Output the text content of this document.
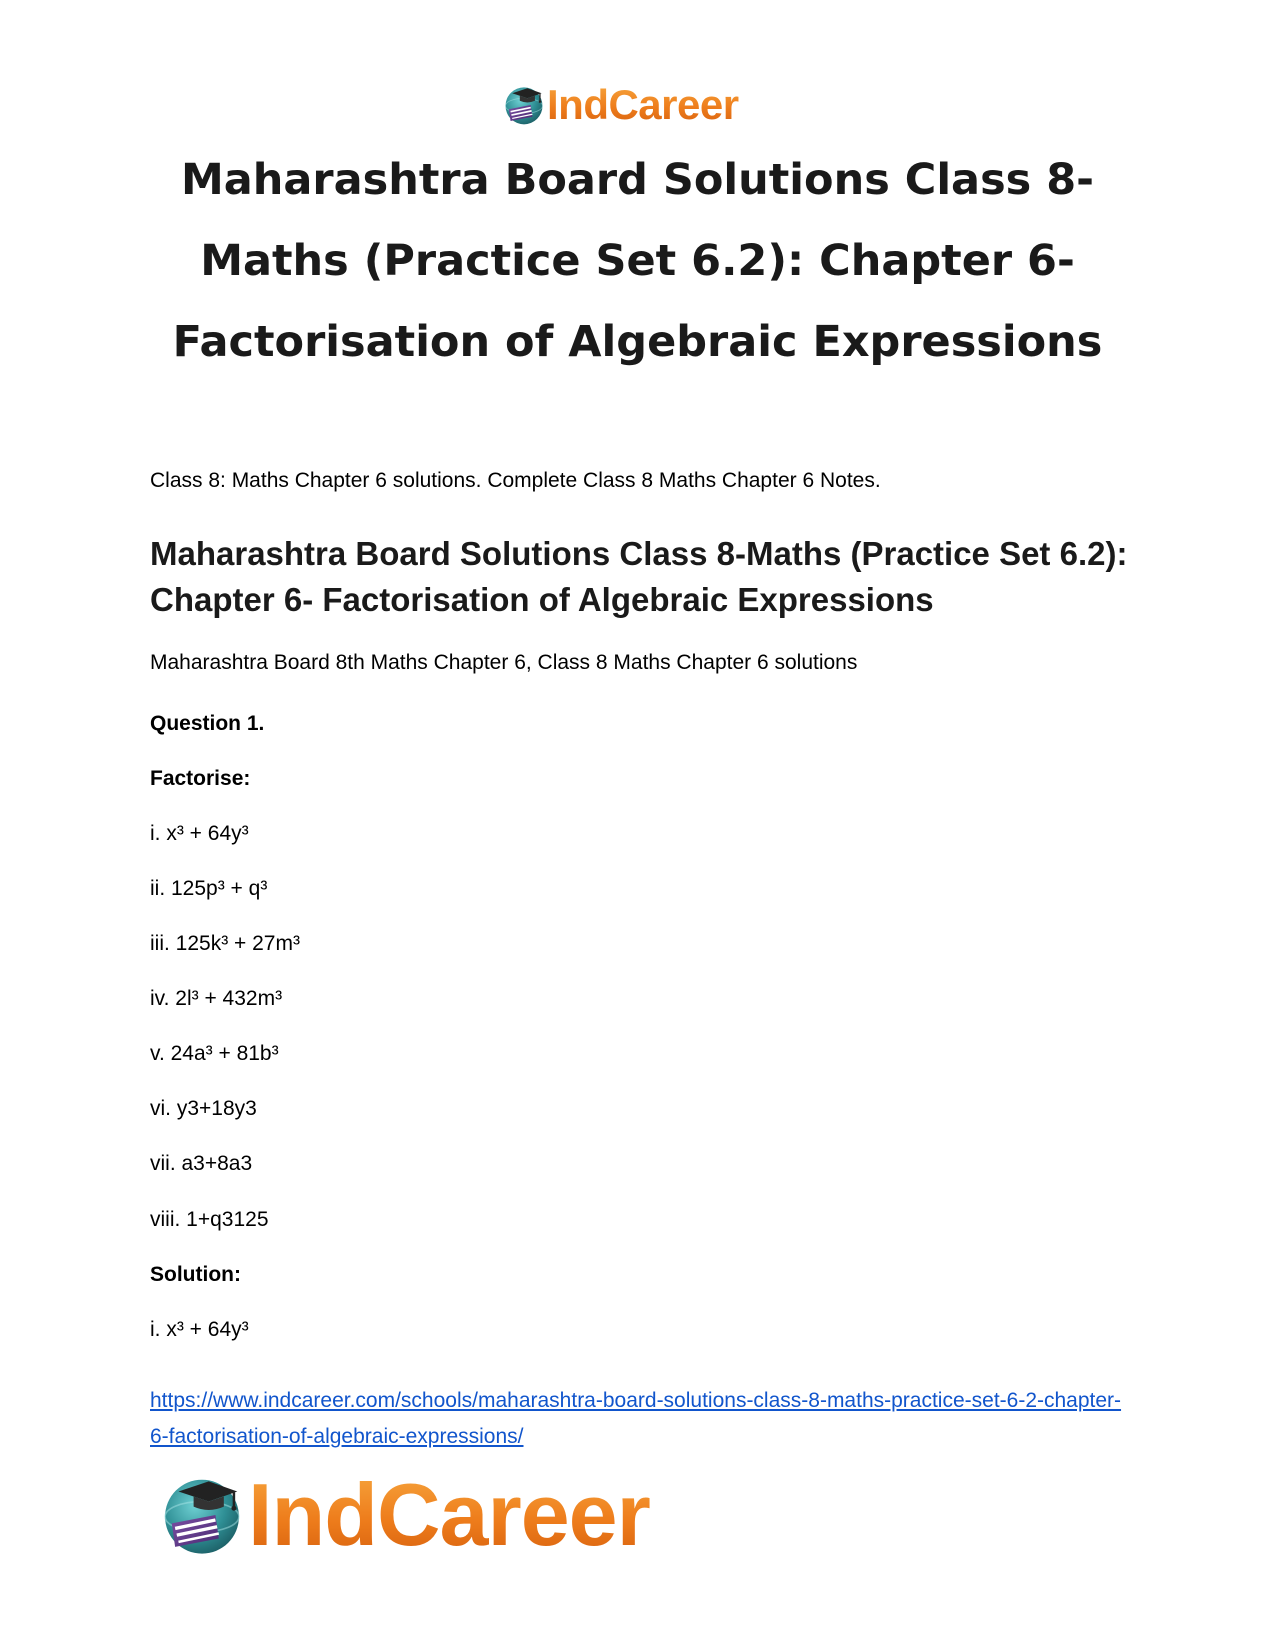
IndCareer
Maharashtra Board Solutions Class 8-Maths (Practice Set 6.2): Chapter 6- Factorisation of Algebraic Expressions

Class 8: Maths Chapter 6 solutions. Complete Class 8 Maths Chapter 6 Notes.

Maharashtra Board Solutions Class 8-Maths (Practice Set 6.2): Chapter 6- Factorisation of Algebraic Expressions

Maharashtra Board 8th Maths Chapter 6, Class 8 Maths Chapter 6 solutions

Question 1.

Factorise:

i. x³ + 64y³

ii. 125p³ + q³

iii. 125k³ + 27m³

iv. 2l³ + 432m³

v. 24a³ + 81b³

vi. y3+18y3

vii. a3+8a3

viii. 1+q3125

Solution:

i. x³ + 64y³

https://www.indcareer.com/schools/maharashtra-board-solutions-class-8-maths-practice-set-6-2-chapter-6-factorisation-of-algebraic-expressions/
IndCareer
